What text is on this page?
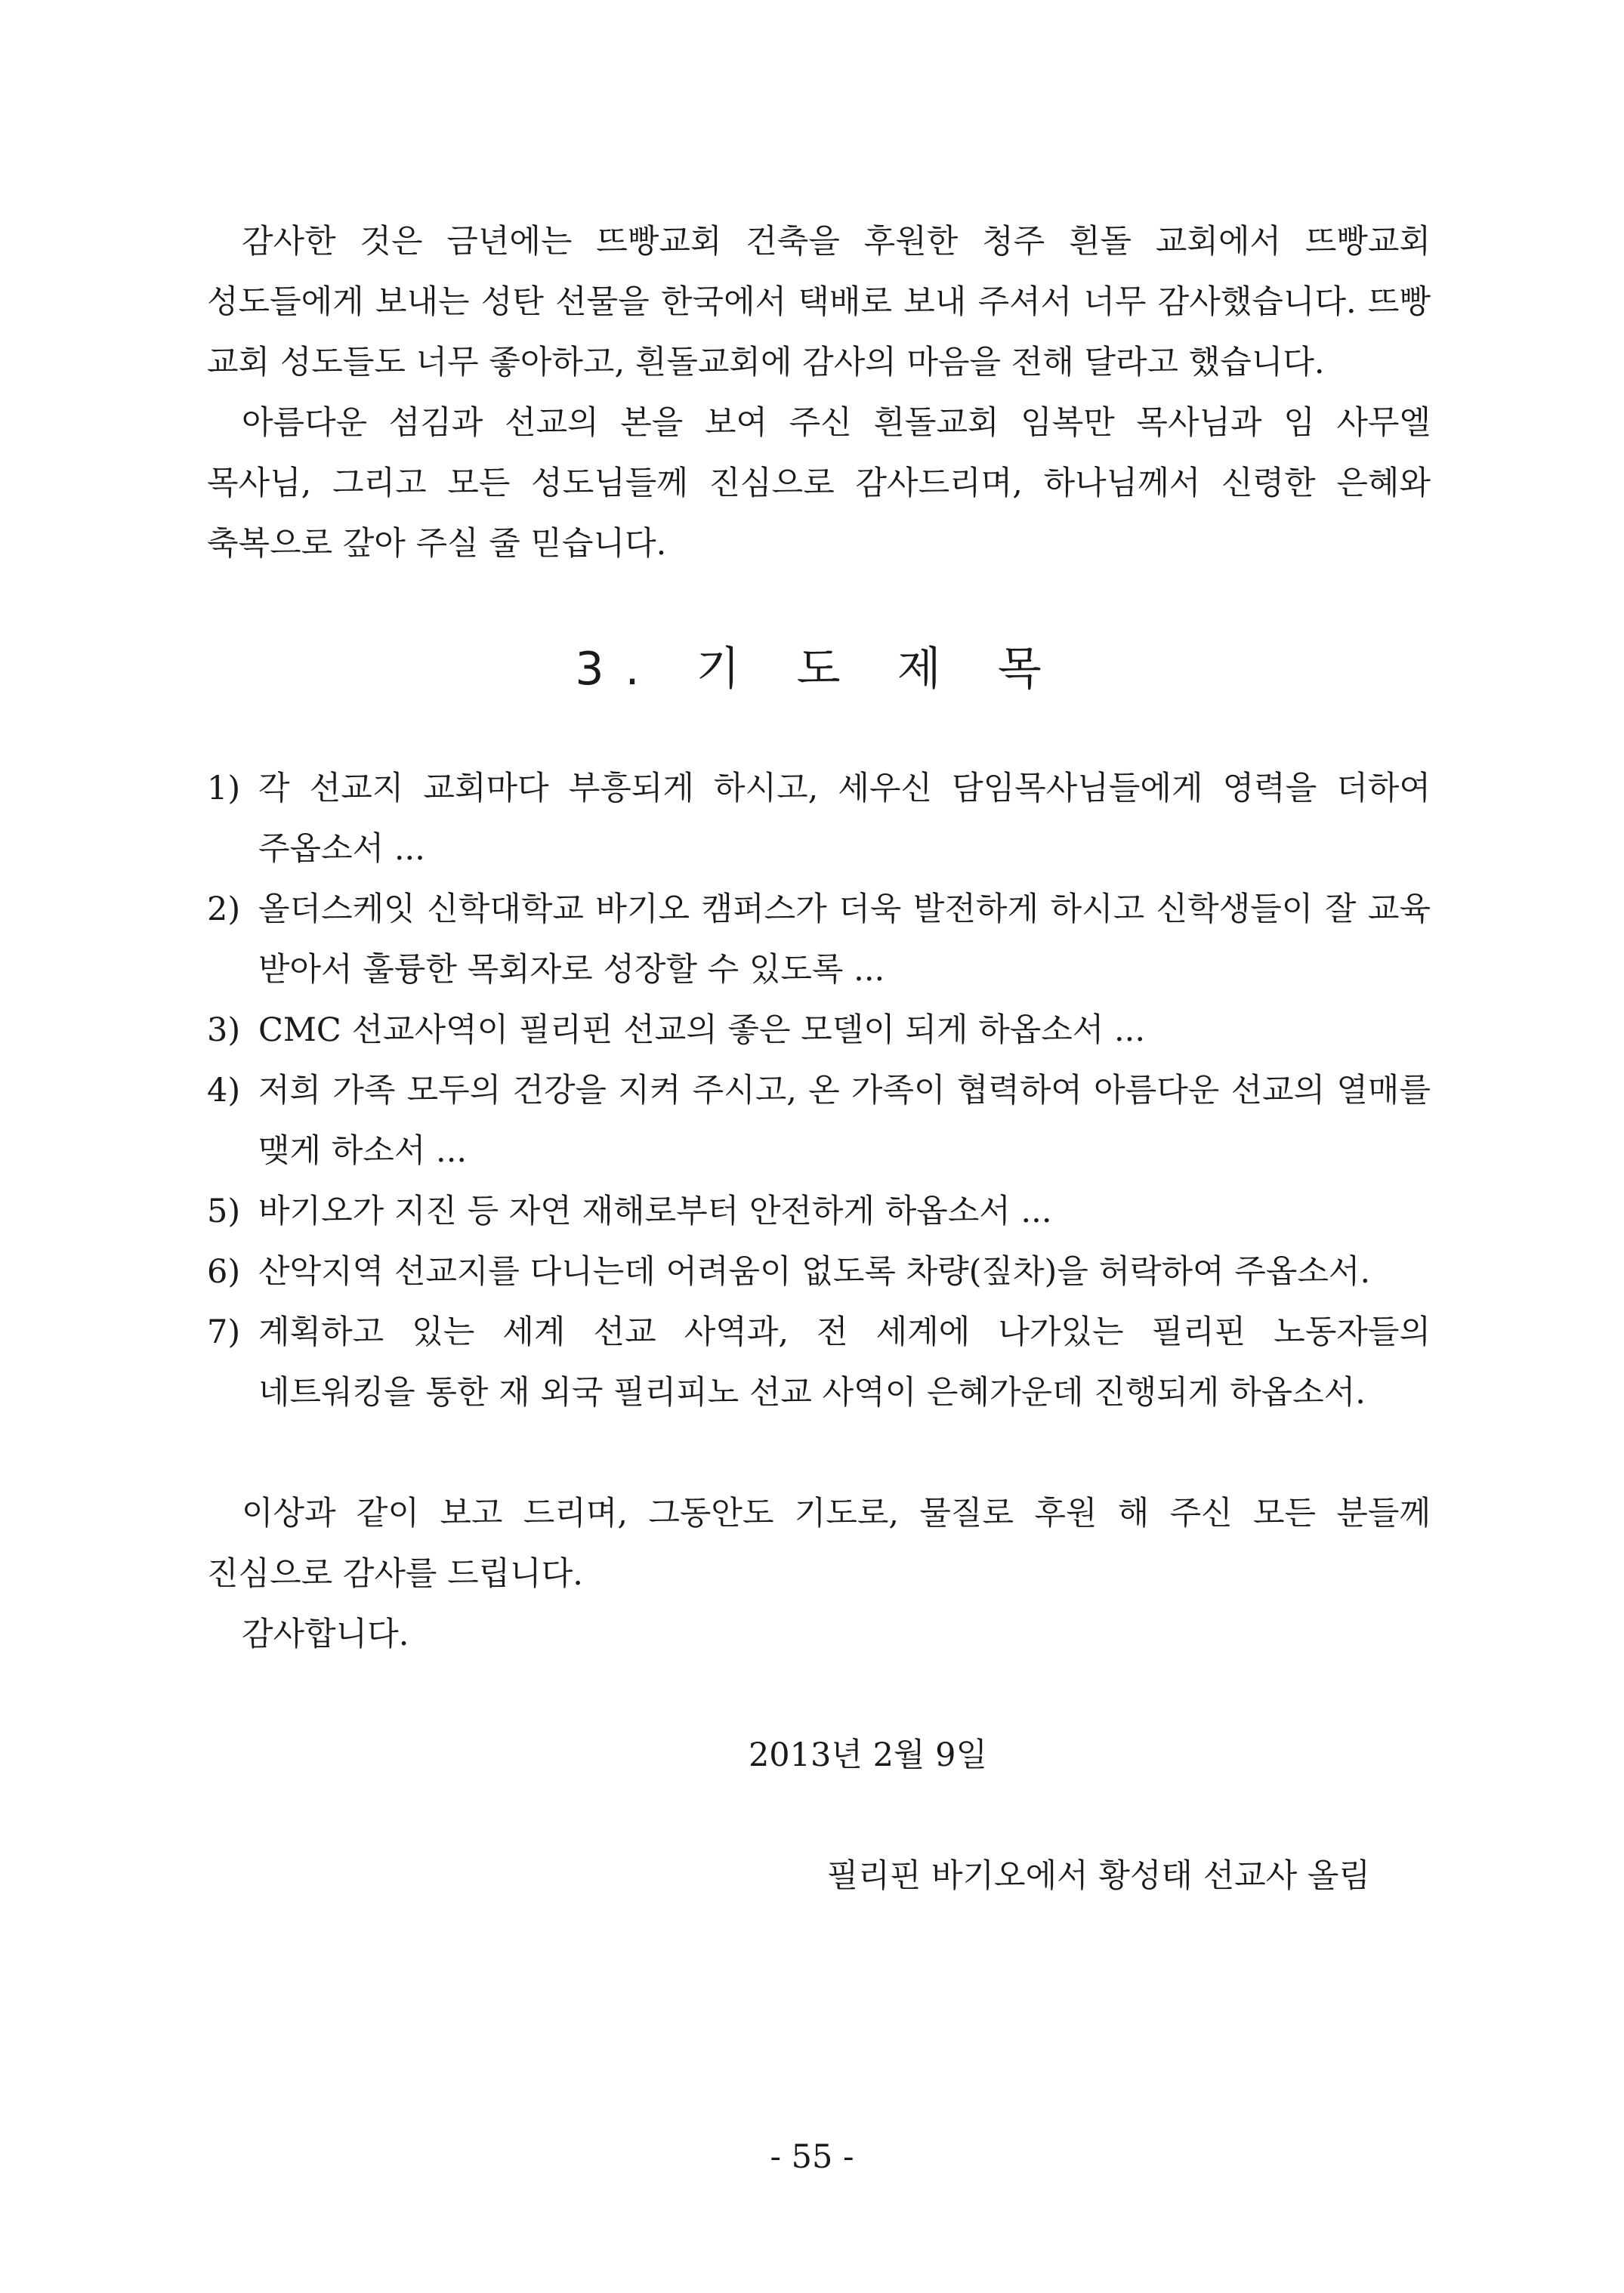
감사한 것은 금년에는 뜨빵교회 건축을 후원한 청주 흰돌 교회에서 뜨빵교회 성도들에게 보내는 성탄 선물을 한국에서 택배로 보내 주셔서 너무 감사했습니다. 뜨빵 교회 성도들도 너무 좋아하고, 흰돌교회에 감사의 마음을 전해 달라고 했습니다.

아름다운 섬김과 선교의 본을 보여 주신 흰돌교회 임복만 목사님과 임 사무엘 목사님, 그리고 모든 성도님들께 진심으로 감사드리며, 하나님께서 신령한 은혜와 축복으로 갚아 주실 줄 믿습니다.

3. 기 도 제 목
1) 각 선교지 교회마다 부흥되게 하시고, 세우신 담임목사님들에게 영력을 더하여 주옵소서 ...
2) 올더스케잇 신학대학교 바기오 캠퍼스가 더욱 발전하게 하시고 신학생들이 잘 교육 받아서 훌륭한 목회자로 성장할 수 있도록 ...
3) CMC 선교사역이 필리핀 선교의 좋은 모델이 되게 하옵소서 ...
4) 저희 가족 모두의 건강을 지켜 주시고, 온 가족이 협력하여 아름다운 선교의 열매를 맺게 하소서 ...
5) 바기오가 지진 등 자연 재해로부터 안전하게 하옵소서 ...
6) 산악지역 선교지를 다니는데 어려움이 없도록 차량(짚차)을 허락하여 주옵소서.
7) 계획하고 있는 세계 선교 사역과, 전 세계에 나가있는 필리핀 노동자들의 네트워킹을 통한 재 외국 필리피노 선교 사역이 은혜가운데 진행되게 하옵소서.

이상과 같이 보고 드리며, 그동안도 기도로, 물질로 후원 해 주신 모든 분들께 진심으로 감사를 드립니다.

감사합니다.

2013년 2월 9일
필리핀 바기오에서 황성태 선교사 올림
- 55 -
